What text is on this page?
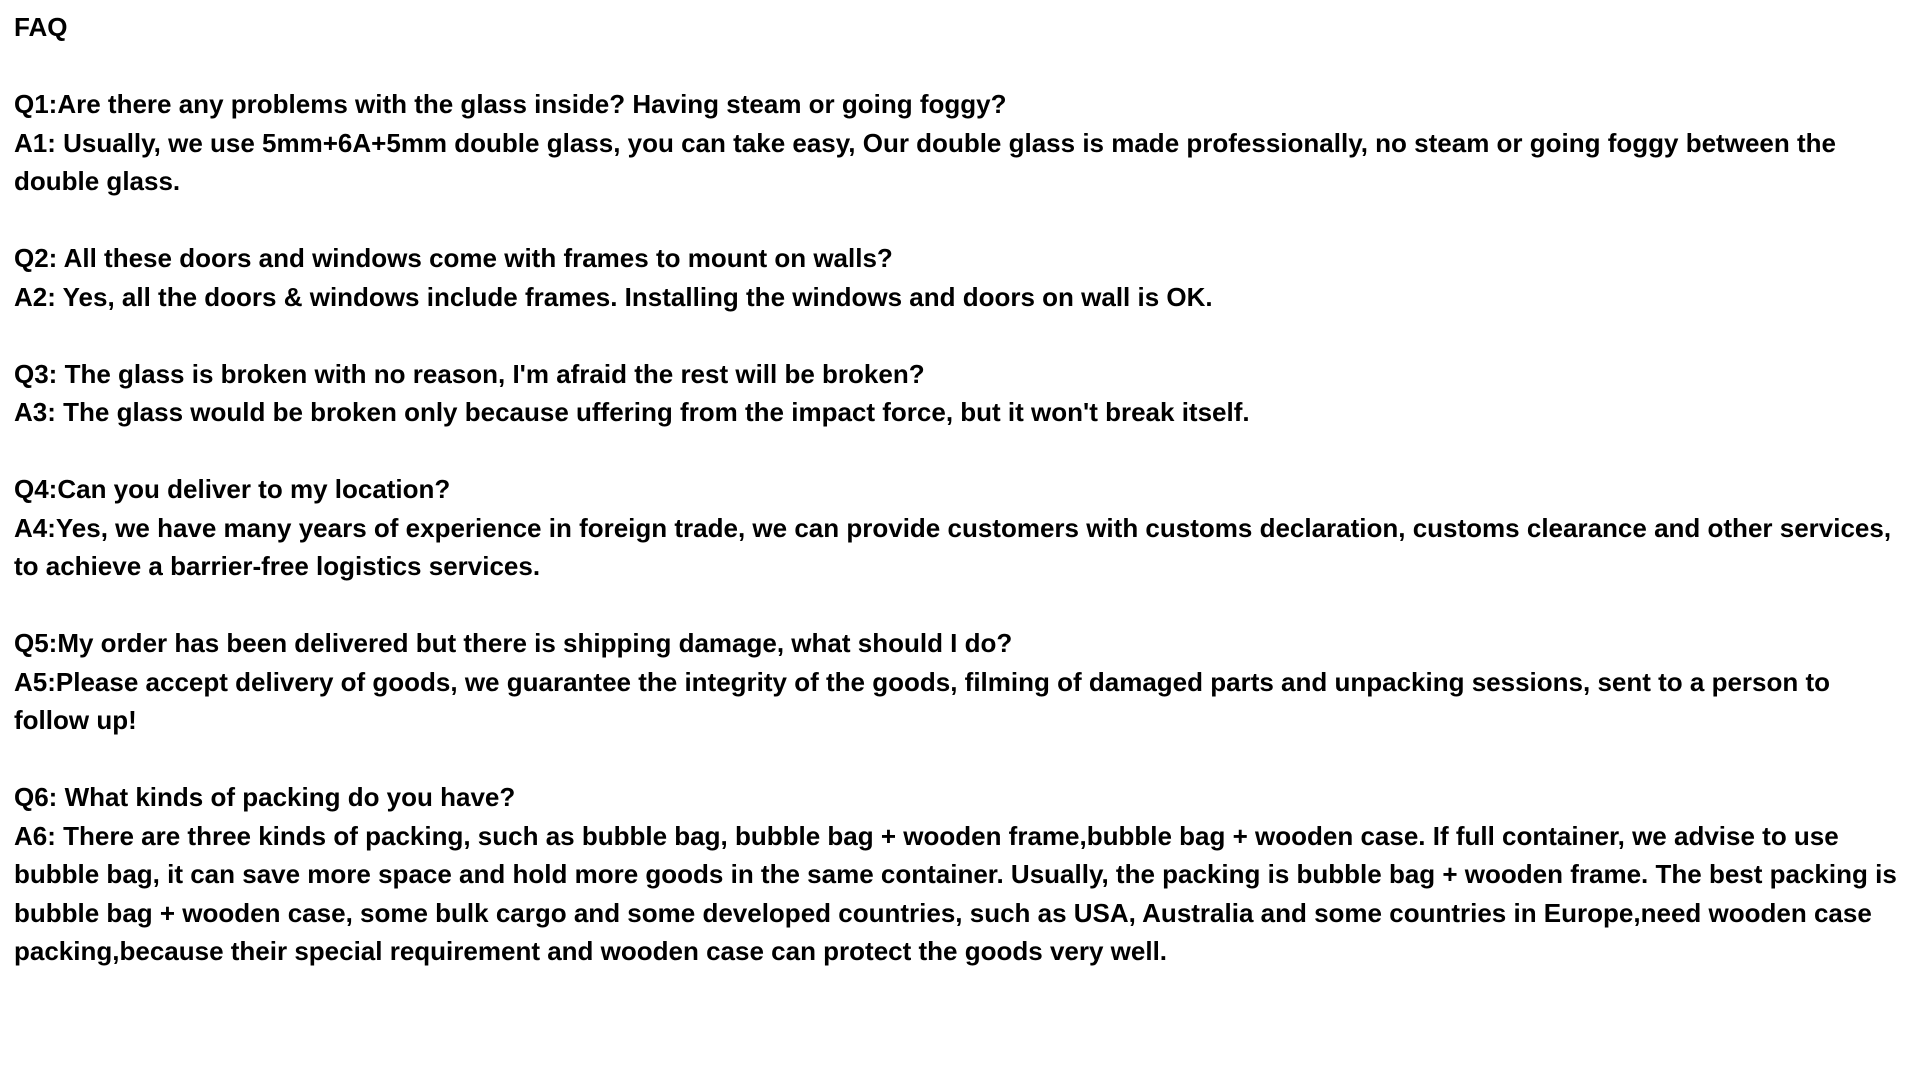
FAQ

Q1:Are there any problems with the glass inside? Having steam or going foggy?

A1: Usually, we use 5mm+6A+5mm double glass, you can take easy, Our double glass is made professionally, no steam or going foggy between the double glass.

Q2: All these doors and windows come with frames to mount on walls?

A2: Yes, all the doors & windows include frames. Installing the windows and doors on wall is OK.

Q3: The glass is broken with no reason, I'm afraid the rest will be broken?

A3: The glass would be broken only because uffering from the impact force, but it won't break itself.

Q4:Can you deliver to my location?

A4:Yes, we have many years of experience in foreign trade, we can provide customers with customs declaration, customs clearance and other services, to achieve a barrier-free logistics services.

Q5:My order has been delivered but there is shipping damage, what should I do?

A5:Please accept delivery of goods, we guarantee the integrity of the goods, filming of damaged parts and unpacking sessions, sent to a person to follow up!

Q6: What kinds of packing do you have?

A6: There are three kinds of packing, such as bubble bag, bubble bag + wooden frame,bubble bag + wooden case. If full container, we advise to use bubble bag, it can save more space and hold more goods in the same container. Usually, the packing is bubble bag + wooden frame. The best packing is bubble bag + wooden case, some bulk cargo and some developed countries, such as USA, Australia and some countries in Europe,need wooden case packing,because their special requirement and wooden case can protect the goods very well.
